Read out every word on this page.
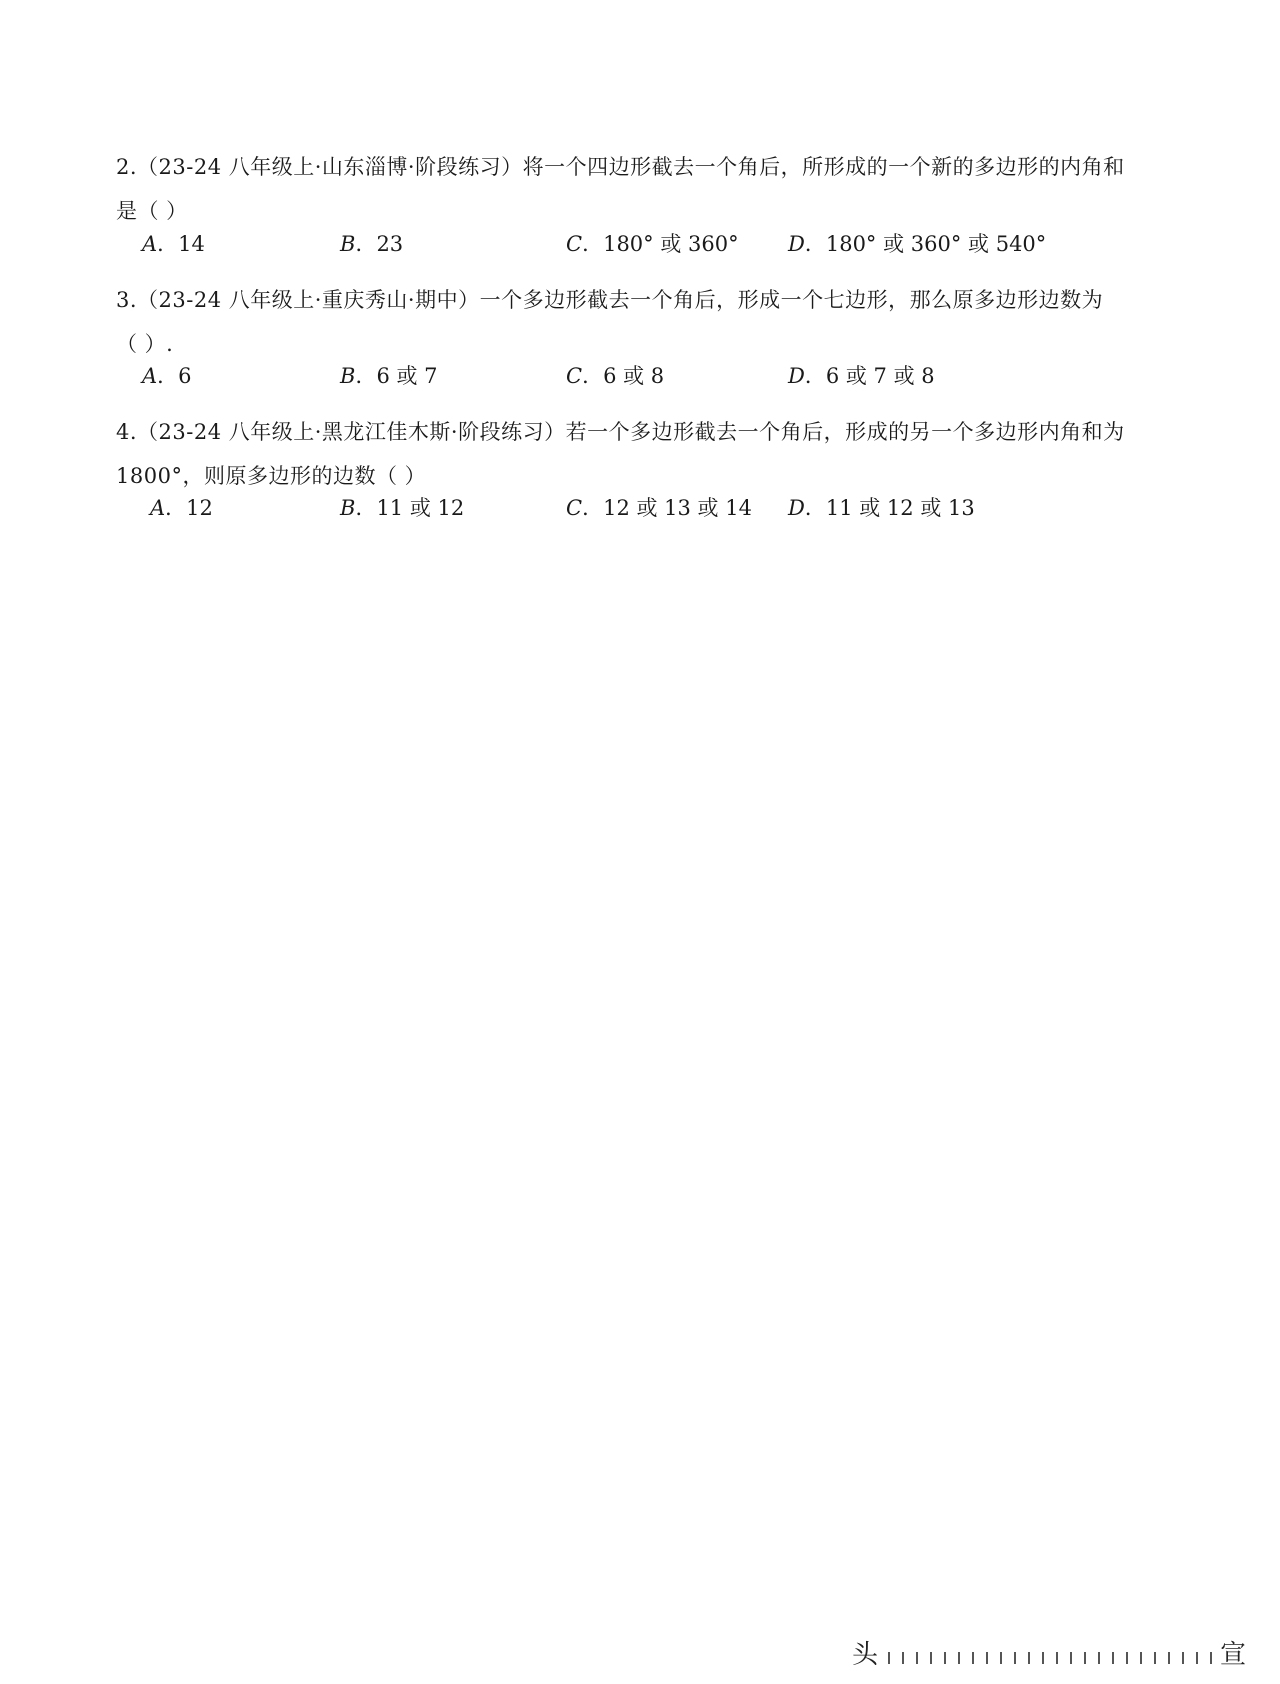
2.（23-24 八年级上·山东淄博·阶段练习）将一个四边形截去一个角后，所形成的一个新的多边形的内角和
是（ ）
A．14	B．23	C．180° 或 360° D．180° 或 360° 或 540°
3.（23-24 八年级上·重庆秀山·期中）一个多边形截去一个角后，形成一个七边形，那么原多边形边数为
（ ）.
A．6	B．6 或 7	C．6 或 8	D．6 或 7 或 8
4.（23-24 八年级上·黑龙江佳木斯·阶段练习）若一个多边形截去一个角后，形成的另一个多边形内角和为
1800°，则原多边形的边数（ ）
A．12	B．11 或 12	C．12 或 13 或 14 D．11 或 12 或 13
头	宣
